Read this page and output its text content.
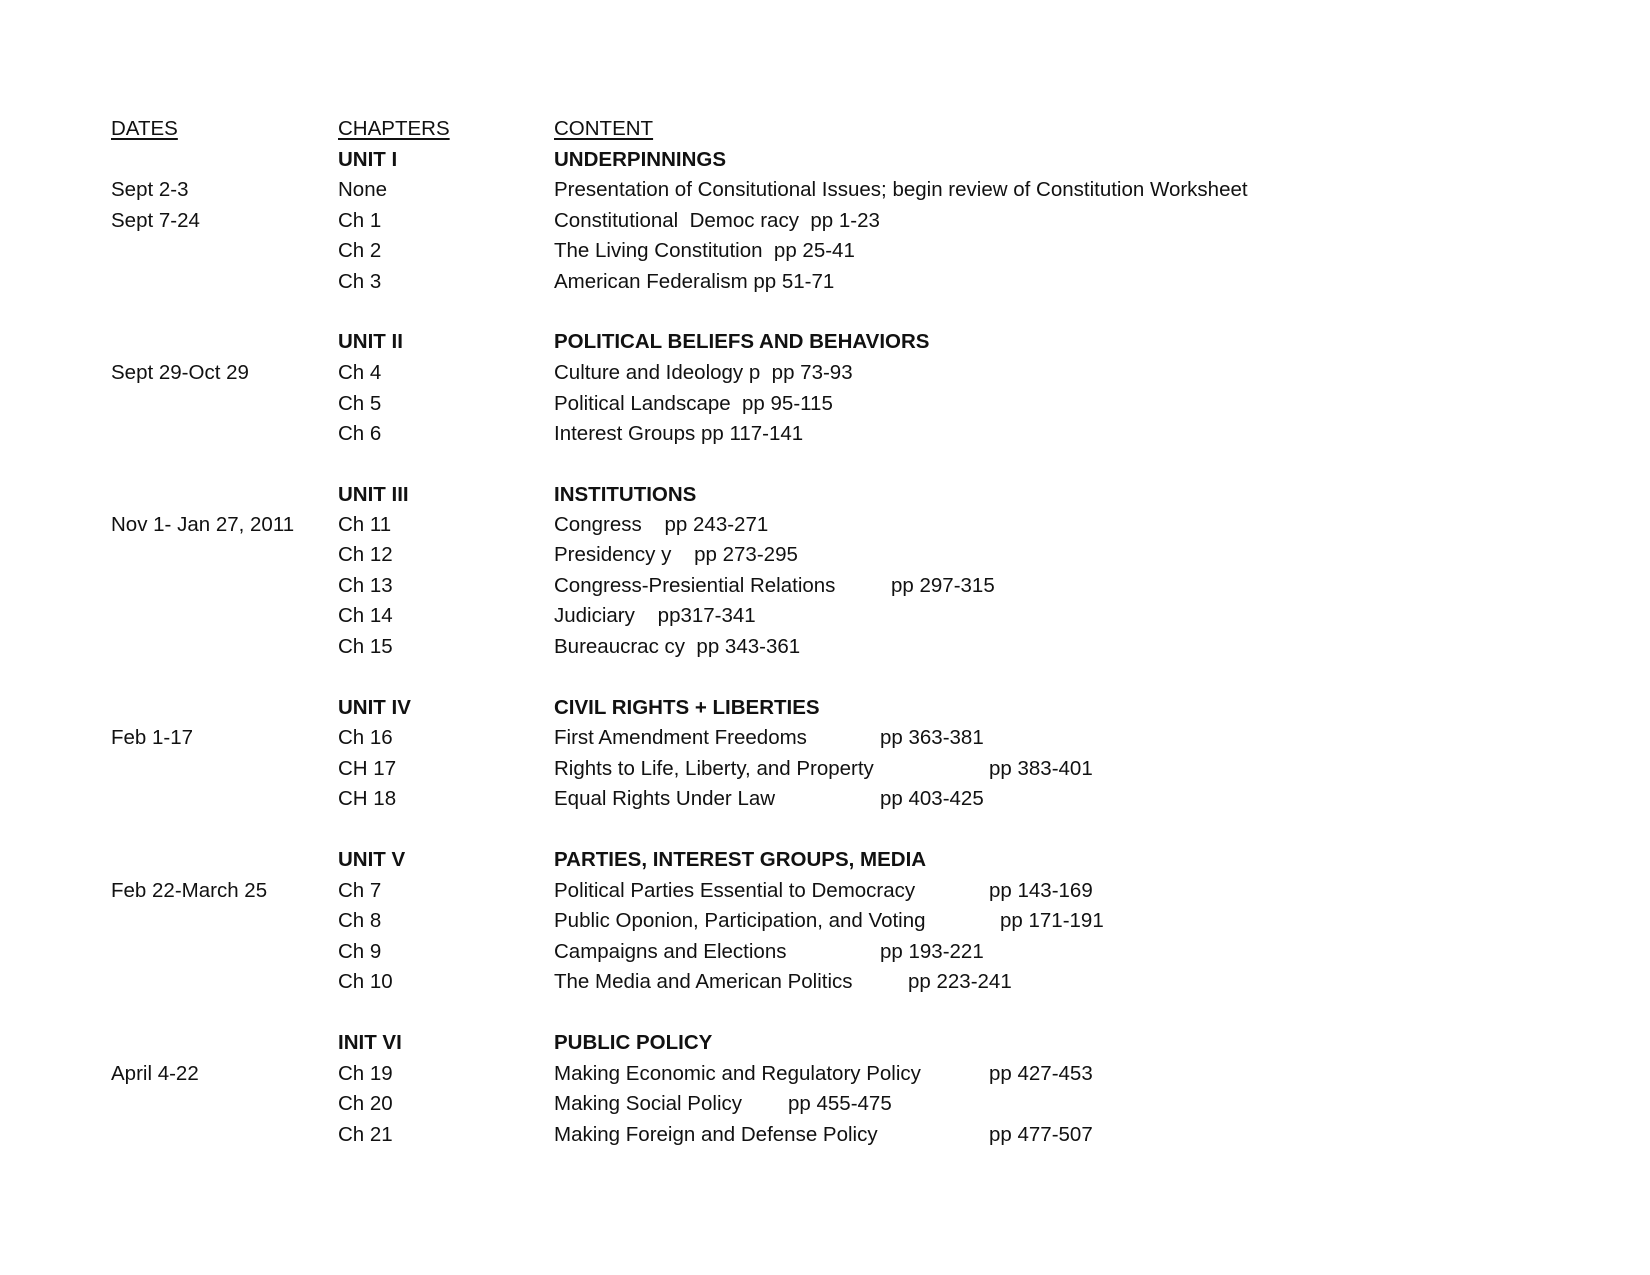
DATES	CHAPTERS	CONTENT
UNIT I	UNDERPINNINGS
Sept 2-3	None	Presentation of Consitutional Issues; begin review of Constitution Worksheet
Sept 7-24	Ch 1	Constitutional  Democ racy  pp 1-23
Ch 2	The Living Constitution  pp 25-41
Ch 3	American Federalism pp 51-71
UNIT II	POLITICAL BELIEFS AND BEHAVIORS
Sept 29-Oct 29	Ch 4	Culture and Ideology p  pp 73-93
Ch 5	Political Landscape  pp 95-115
Ch 6	Interest Groups pp 117-141
UNIT III	INSTITUTIONS
Nov 1- Jan 27, 2011 Ch 11	Congress    pp 243-271
Ch 12	Presidency y    pp 273-295
Ch 13	Congress-Presiential Relations	pp 297-315
Ch 14	Judiciary    pp317-341
Ch 15	Bureaucrac cy  pp 343-361
UNIT IV	CIVIL RIGHTS + LIBERTIES
Feb 1-17	Ch 16	First Amendment Freedoms	pp 363-381
CH 17	Rights to Life, Liberty, and Property	pp 383-401
CH 18	Equal Rights Under Law	pp 403-425
UNIT V	PARTIES, INTEREST GROUPS, MEDIA
Feb 22-March 25	Ch 7	Political Parties Essential to Democracy	pp 143-169
Ch 8	Public Oponion, Participation, and Voting	pp 171-191
Ch 9	Campaigns and Elections	pp 193-221
Ch 10	The Media and American Politics	pp 223-241
INIT VI	PUBLIC POLICY
April 4-22	Ch 19	Making Economic and Regulatory Policy	pp 427-453
Ch 20	Making Social Policy pp 455-475
Ch 21	Making Foreign and Defense Policy	pp 477-507
